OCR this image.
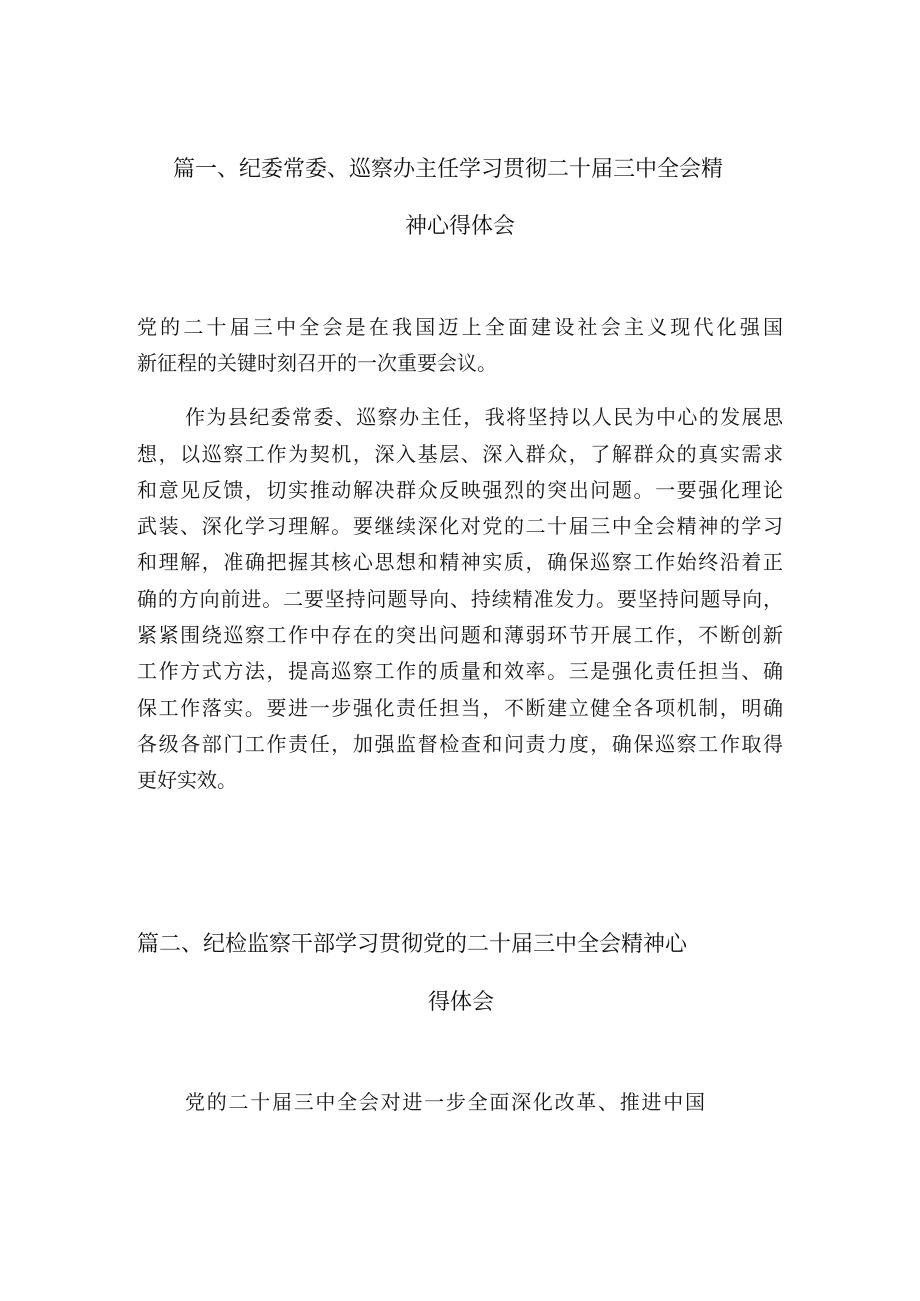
篇一、纪委常委、巡察办主任学习贯彻二十届三中全会精
神心得体会

党的二十届三中全会是在我国迈上全面建设社会主义现代化强国

新征程的关键时刻召开的一次重要会议。

作为县纪委常委、巡察办主任，我将坚持以人民为中心的发展思

想，以巡察工作为契机，深入基层、深入群众，了解群众的真实需求

和意见反馈，切实推动解决群众反映强烈的突出问题。一要强化理论

武装、深化学习理解。要继续深化对党的二十届三中全会精神的学习

和理解，准确把握其核心思想和精神实质，确保巡察工作始终沿着正

确的方向前进。二要坚持问题导向、持续精准发力。要坚持问题导向，

紧紧围绕巡察工作中存在的突出问题和薄弱环节开展工作，不断创新

工作方式方法，提高巡察工作的质量和效率。三是强化责任担当、确

保工作落实。要进一步强化责任担当，不断建立健全各项机制，明确

各级各部门工作责任，加强监督检查和问责力度，确保巡察工作取得

更好实效。

篇二、纪检监察干部学习贯彻党的二十届三中全会精神心
得体会

党的二十届三中全会对进一步全面深化改革、推进中国
